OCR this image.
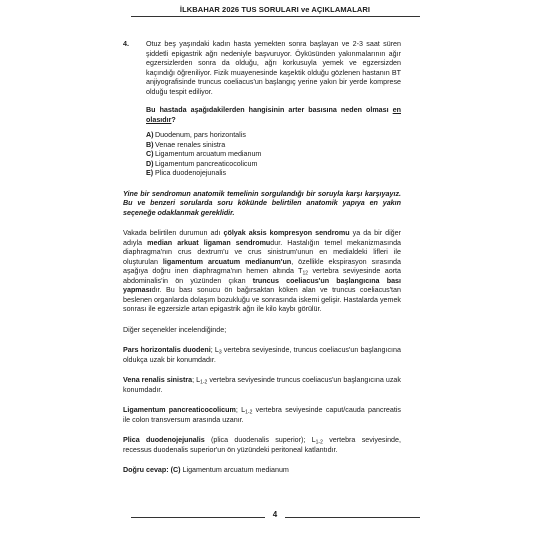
İLKBAHAR 2026 TUS SORULARI ve AÇIKLAMALARI
4.	Otuz beş yaşındaki kadın hasta yemekten sonra başlayan ve 2-3 saat süren şiddetli epigastrik ağrı nedeniyle başvuruyor. Öyküsünden yakınmalarının ağır egzersizlerden sonra da olduğu, ağrı korkusuyla yemek ve egzersizden kaçındığı öğreniliyor. Fizik muayenesinde kaşektik olduğu gözlenen hastanın BT anjiyografisinde truncus coeliacus'un başlangıç yerine yakın bir yerde komprese olduğu tespit ediliyor.
Bu hastada aşağıdakilerden hangisinin arter basısına neden olması en olasıdır?
A) Duodenum, pars horizontalis
B) Venae renales sinistra
C) Ligamentum arcuatum medianum
D) Ligamentum pancreaticocolicum
E) Plica duodenojejunalis
Yine bir sendromun anatomik temelinin sorgulandığı bir soruyla karşı karşıyayız. Bu ve benzeri sorularda soru kökünde belirtilen anatomik yapıya en yakın seçeneğe odaklanmak gereklidir.

Vakada belirtilen durumun adı çölyak aksis kompresyon sendromu ya da bir diğer adıyla median arkuat ligaman sendromudur. Hastalığın temel mekanizmasında diaphragma'nın crus dextrum'u ve crus sinistrum'unun en medialdeki lifleri ile oluşturulan ligamentum arcuatum medianum'un, özellikle ekspirasyon sırasında aşağıya doğru inen diaphragma'nın hemen altında $T_{12}$ vertebra seviyesinde aorta abdominalis'in ön yüzünden çıkan truncus coeliacus'un başlangıcına bası yapmasıdır. Bu bası sonucu ön bağırsaktan köken alan ve truncus coeliacus'tan beslenen organlarda dolaşım bozukluğu ve sonrasında iskemi gelişir. Hastalarda yemek sonrası ile egzersizle artan epigastrik ağrı ile kilo kaybı görülür.

Diğer seçenekler incelendiğinde;

Pars horizontalis duodeni; $L_3$ vertebra seviyesinde, truncus coeliacus'un başlangıcına oldukça uzak bir konumdadır.

Vena renalis sinistra; $L_{1-2}$ vertebra seviyesinde truncus coeliacus'un başlangıcına uzak konumdadır.

Ligamentum pancreaticocolicum; $L_{1-2}$ vertebra seviyesinde caput/cauda pancreatis ile colon transversum arasında uzanır.

Plica duodenojejunalis (plica duodenalis superior); $L_{1-2}$ vertebra seviyesinde, recessus duodenalis superior'un ön yüzündeki peritoneal katlantıdır.

Doğru cevap: (C) Ligamentum arcuatum medianum

4
